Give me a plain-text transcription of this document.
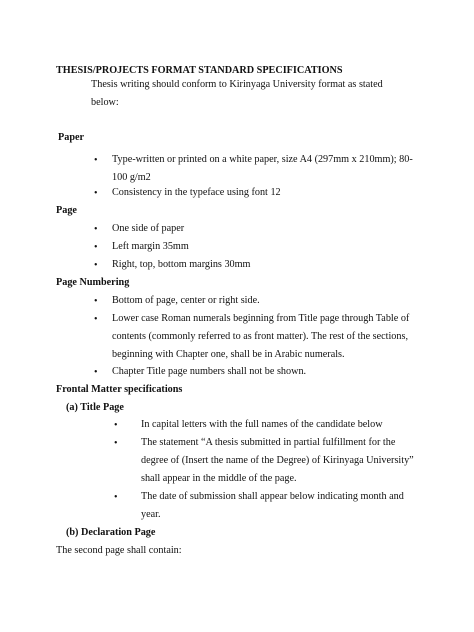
THESIS/PROJECTS FORMAT STANDARD SPECIFICATIONS
Thesis writing should conform to Kirinyaga University format as stated
below:
Paper
• Type-written or printed on a white paper, size A4 (297mm x 210mm); 80-
100 g/m2
• Consistency in the typeface using font 12
Page
• One side of paper
• Left margin 35mm
• Right, top, bottom margins 30mm
Page Numbering
• Bottom of page, center or right side.
• Lower case Roman numerals beginning from Title page through Table of
contents (commonly referred to as front matter). The rest of the sections,
beginning with Chapter one, shall be in Arabic numerals.
• Chapter Title page numbers shall not be shown.
Frontal Matter specifications
(a) Title Page
• In capital letters with the full names of the candidate below
• The statement “A thesis submitted in partial fulfillment for the
degree of (Insert the name of the Degree) of Kirinyaga University”
shall appear in the middle of the page.
• The date of submission shall appear below indicating month and
year.
(b) Declaration Page
The second page shall contain:
